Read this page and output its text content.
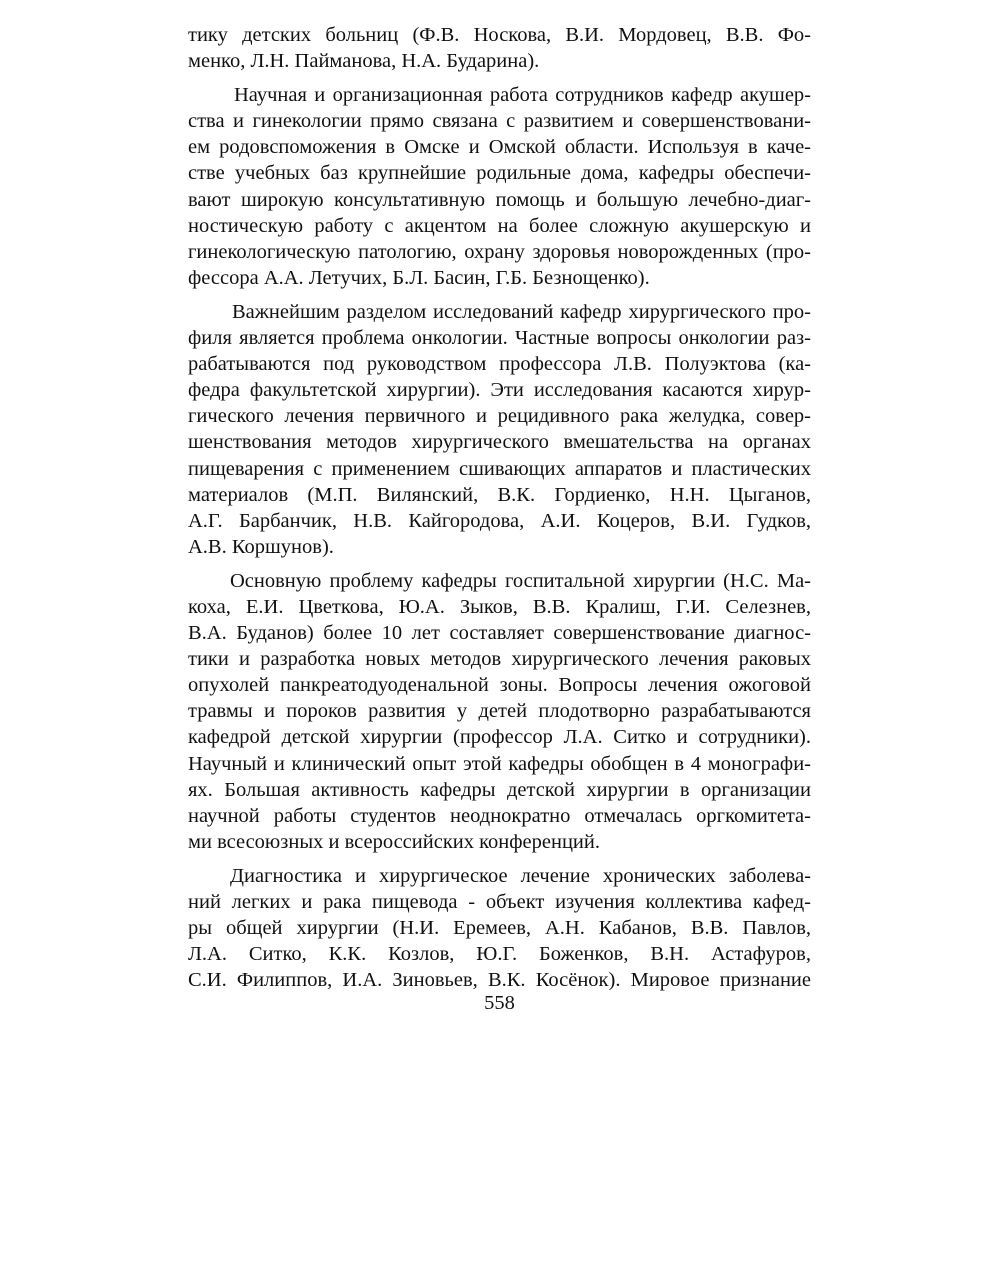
тику детских больниц (Ф.В. Носкова, В.И. Мордовец, В.В. Фо-
менко, Л.Н. Пайманова, Н.А. Бударина).

Научная и организационная работа сотрудников кафедр акушер-
ства и гинекологии прямо связана с развитием и совершенствовани-
ем родовспоможения в Омске и Омской области. Используя в каче-
стве учебных баз крупнейшие родильные дома, кафедры обеспечи-
вают широкую консультативную помощь и большую лечебно-диаг-
ностическую работу с акцентом на более сложную акушерскую и
гинекологическую патологию, охрану здоровья новорожденных (про-
фессора А.А. Летучих, Б.Л. Басин, Г.Б. Безнощенко).

Важнейшим разделом исследований кафедр хирургического про-
филя является проблема онкологии. Частные вопросы онкологии раз-
рабатываются под руководством профессора Л.В. Полуэктова (ка-
федра факультетской хирургии). Эти исследования касаются хирур-
гического лечения первичного и рецидивного рака желудка, совер-
шенствования методов хирургического вмешательства на органах
пищеварения с применением сшивающих аппаратов и пластических
материалов (М.П. Вилянский, В.К. Гордиенко, Н.Н. Цыганов,
А.Г. Барбанчик, Н.В. Кайгородова, А.И. Коцеров, В.И. Гудков,
А.В. Коршунов).

Основную проблему кафедры госпитальной хирургии (Н.С. Ма-
коха, Е.И. Цветкова, Ю.А. Зыков, В.В. Кралиш, Г.И. Селезнев,
В.А. Буданов) более 10 лет составляет совершенствование диагнос-
тики и разработка новых методов хирургического лечения раковых
опухолей панкреатодуоденальной зоны. Вопросы лечения ожоговой
травмы и пороков развития у детей плодотворно разрабатываются
кафедрой детской хирургии (профессор Л.А. Ситко и сотрудники).
Научный и клинический опыт этой кафедры обобщен в 4 монографи-
ях. Большая активность кафедры детской хирургии в организации
научной работы студентов неоднократно отмечалась оргкомитета-
ми всесоюзных и всероссийских конференций.

Диагностика и хирургическое лечение хронических заболева-
ний легких и рака пищевода - объект изучения коллектива кафед-
ры общей хирургии (Н.И. Еремеев, А.Н. Кабанов, В.В. Павлов,
Л.А. Ситко, К.К. Козлов, Ю.Г. Боженков, В.Н. Астафуров,
С.И. Филиппов, И.А. Зиновьев, В.К. Косёнок). Мировое признание

558
